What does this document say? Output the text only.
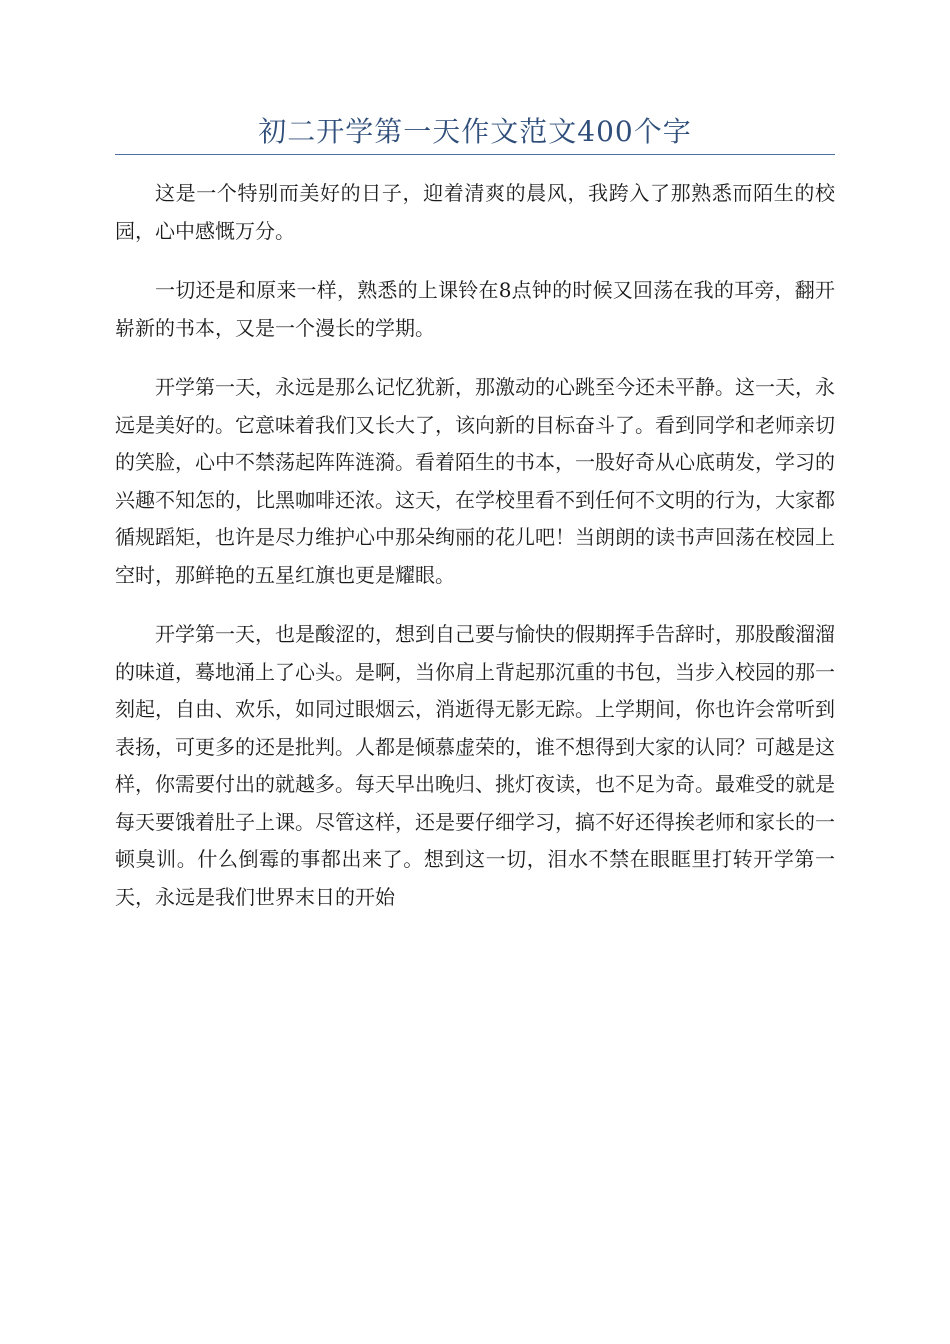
初二开学第一天作文范文400个字

这是一个特别而美好的日子，迎着清爽的晨风，我跨入了那熟悉而陌生的校园，心中感慨万分。

一切还是和原来一样，熟悉的上课铃在8点钟的时候又回荡在我的耳旁，翻开崭新的书本，又是一个漫长的学期。

开学第一天，永远是那么记忆犹新，那激动的心跳至今还未平静。这一天，永远是美好的。它意味着我们又长大了，该向新的目标奋斗了。看到同学和老师亲切的笑脸，心中不禁荡起阵阵涟漪。看着陌生的书本，一股好奇从心底萌发，学习的兴趣不知怎的，比黑咖啡还浓。这天，在学校里看不到任何不文明的行为，大家都循规蹈矩，也许是尽力维护心中那朵绚丽的花儿吧！当朗朗的读书声回荡在校园上空时，那鲜艳的五星红旗也更是耀眼。

开学第一天，也是酸涩的，想到自己要与愉快的假期挥手告辞时，那股酸溜溜的味道，蓦地涌上了心头。是啊，当你肩上背起那沉重的书包，当步入校园的那一刻起，自由、欢乐，如同过眼烟云，消逝得无影无踪。上学期间，你也许会常听到表扬，可更多的还是批判。人都是倾慕虚荣的，谁不想得到大家的认同？可越是这样，你需要付出的就越多。每天早出晚归、挑灯夜读，也不足为奇。最难受的就是每天要饿着肚子上课。尽管这样，还是要仔细学习，搞不好还得挨老师和家长的一顿臭训。什么倒霉的事都出来了。想到这一切，泪水不禁在眼眶里打转开学第一天，永远是我们世界末日的开始
